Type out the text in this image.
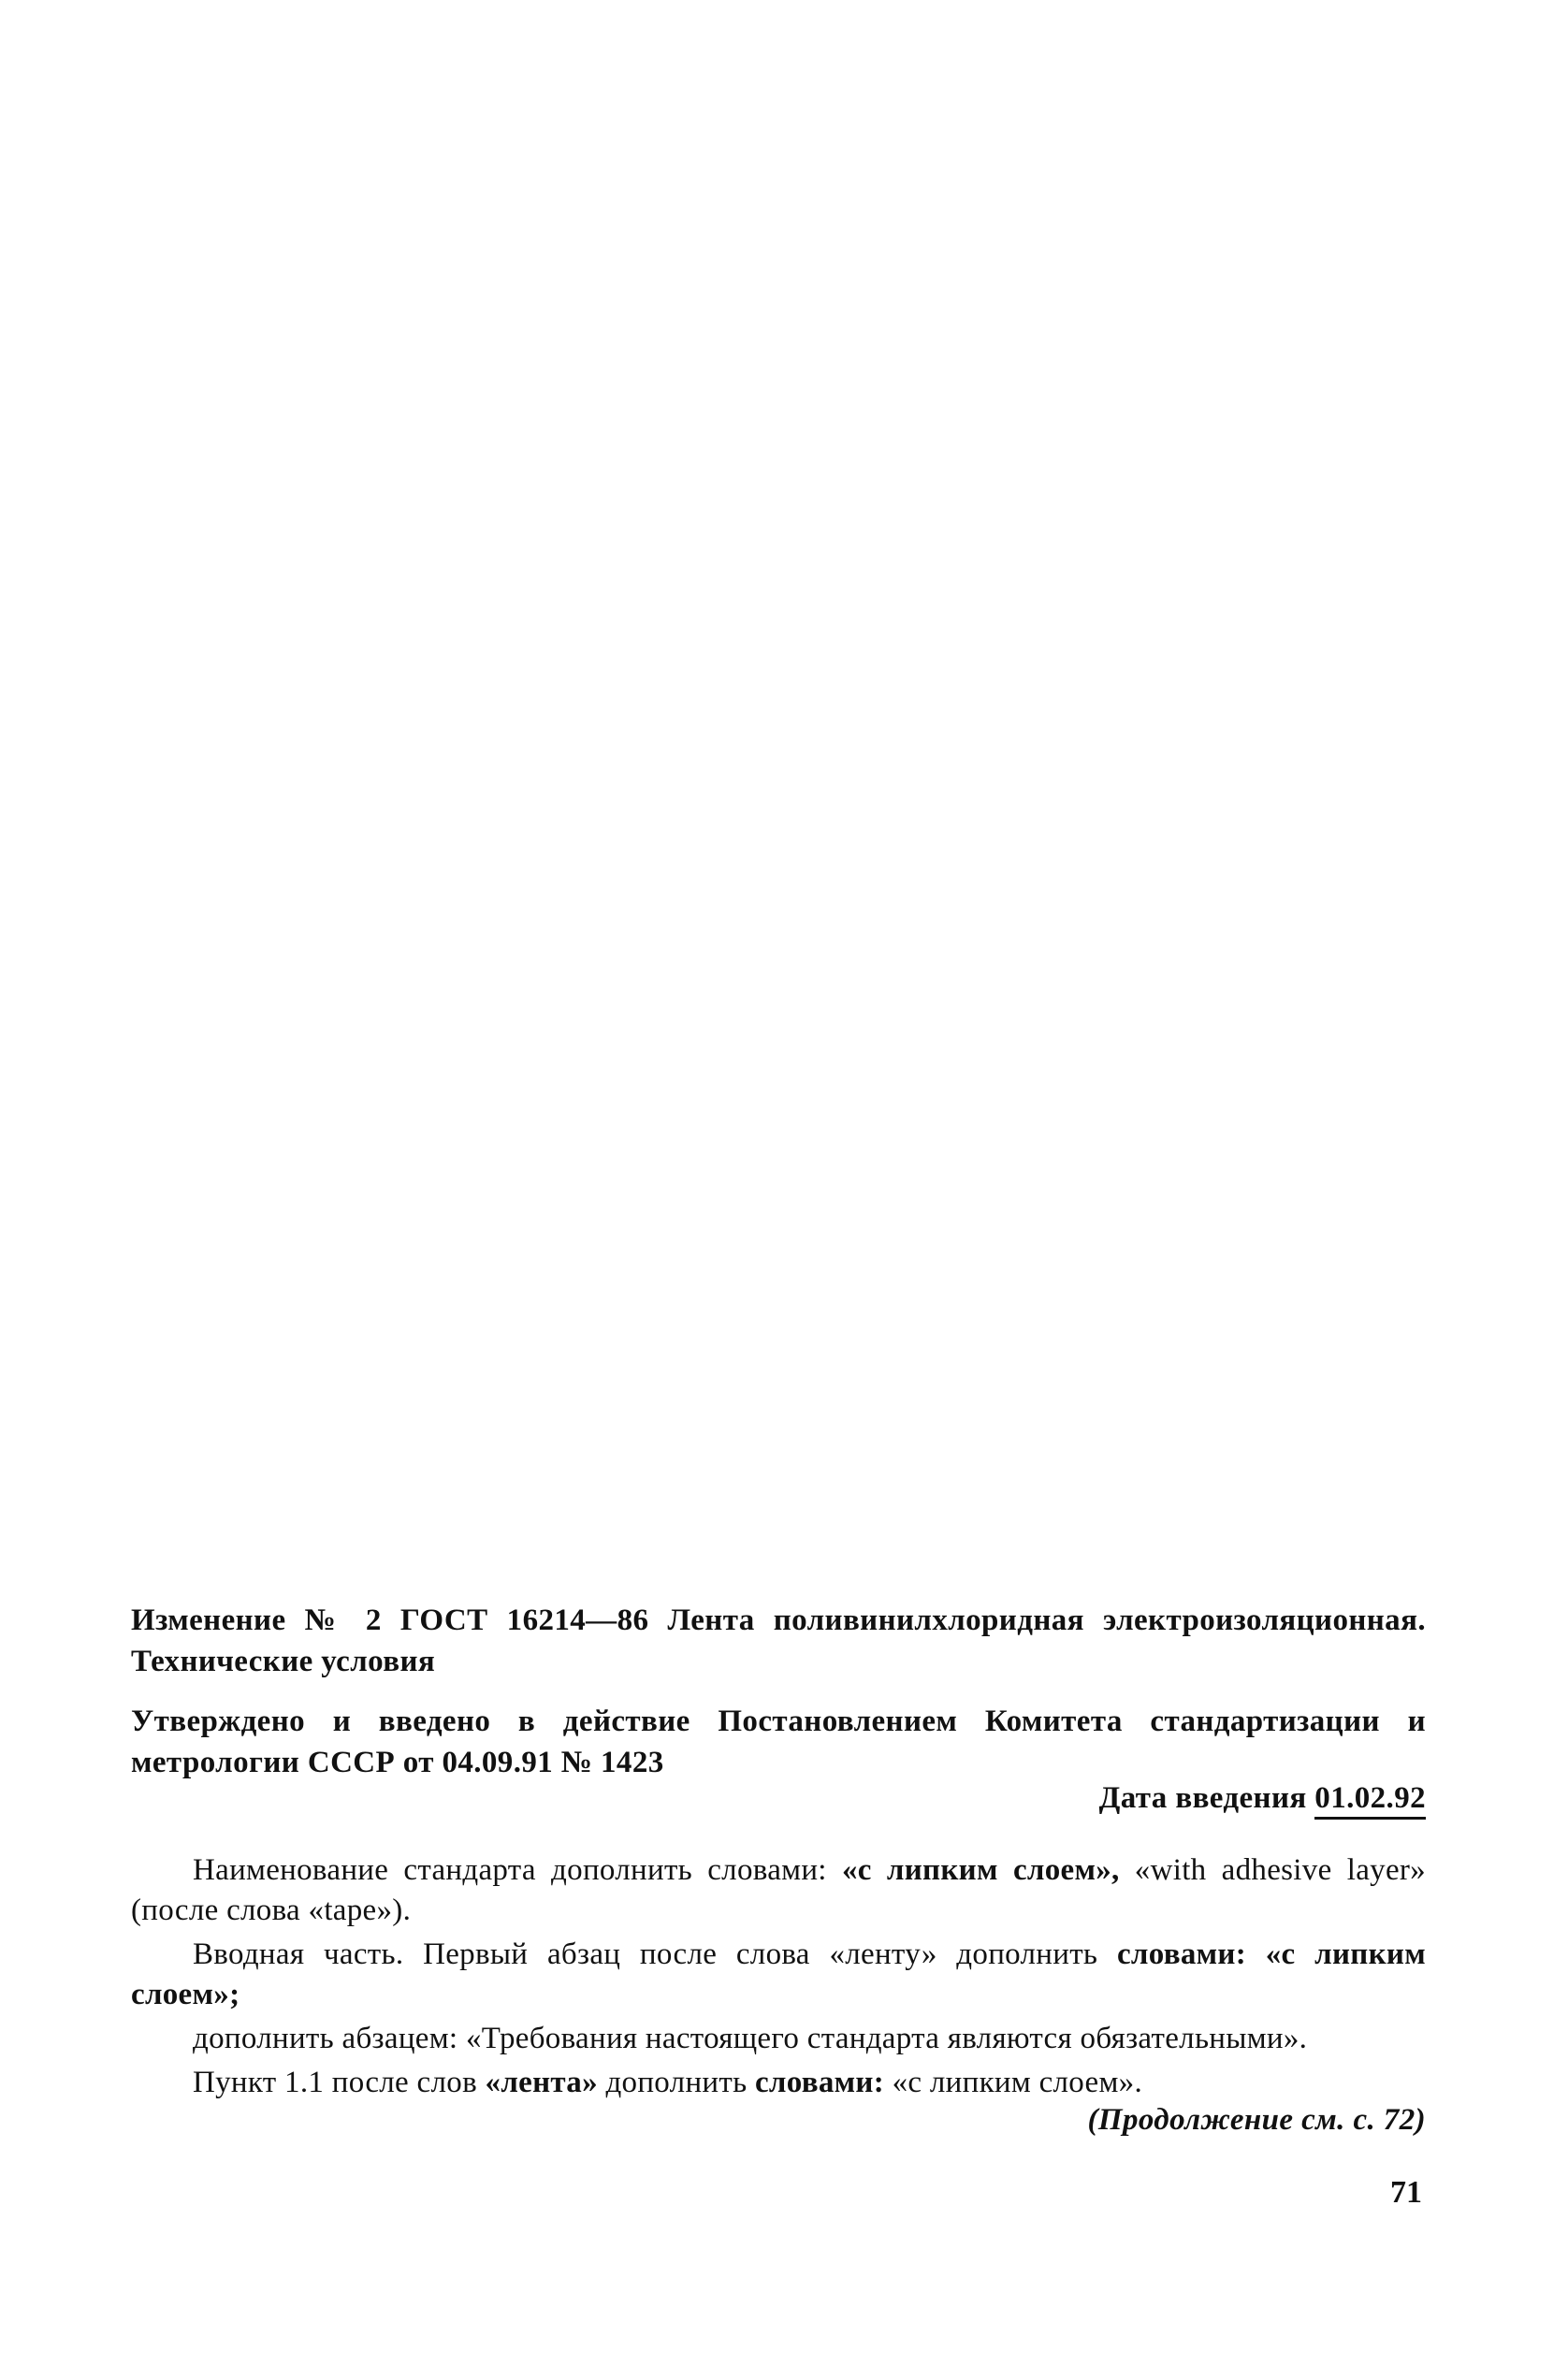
Изменение № 2 ГОСТ 16214—86 Лента поливинилхлоридная электроизоляционная. Технические условия
Утверждено и введено в действие Постановлением Комитета стандартизации и метрологии СССР от 04.09.91 № 1423
Дата введения 01.02.92

Наименование стандарта дополнить словами: «с липким слоем», «with adhesive layer» (после слова «tape»).

Вводная часть. Первый абзац после слова «ленту» дополнить словами: «с липким слоем»;

дополнить абзацем: «Требования настоящего стандарта являются обязательными».

Пункт 1.1 после слов «лента» дополнить словами: «с липким слоем».

(Продолжение см. с. 72)
71
